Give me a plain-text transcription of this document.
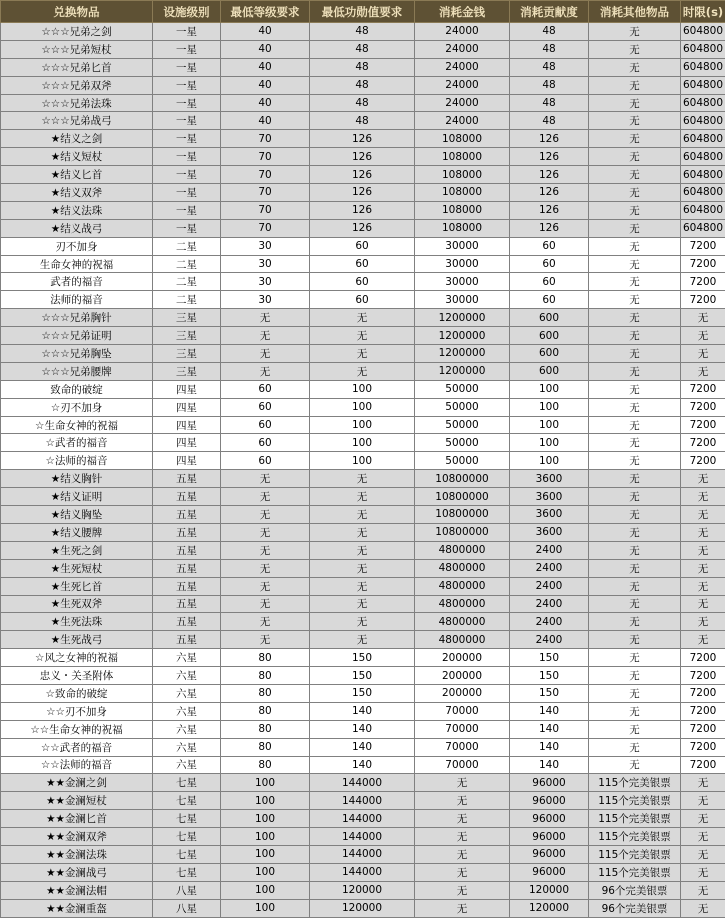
兑换物品	设施级别	最低等级要求	最低功勋值要求	消耗金钱	消耗贡献度	消耗其他物品	时限(s)
☆☆☆兄弟之剑	一星	40	48	24000	48	无	604800
☆☆☆兄弟短杖	一星	40	48	24000	48	无	604800
☆☆☆兄弟匕首	一星	40	48	24000	48	无	604800
☆☆☆兄弟双斧	一星	40	48	24000	48	无	604800
☆☆☆兄弟法珠	一星	40	48	24000	48	无	604800
☆☆☆兄弟战弓	一星	40	48	24000	48	无	604800
★结义之剑	一星	70	126	108000	126	无	604800
★结义短杖	一星	70	126	108000	126	无	604800
★结义匕首	一星	70	126	108000	126	无	604800
★结义双斧	一星	70	126	108000	126	无	604800
★结义法珠	一星	70	126	108000	126	无	604800
★结义战弓	一星	70	126	108000	126	无	604800
刃不加身	二星	30	60	30000	60	无	7200
生命女神的祝福	二星	30	60	30000	60	无	7200
武者的福音	二星	30	60	30000	60	无	7200
法师的福音	二星	30	60	30000	60	无	7200
☆☆☆兄弟胸针	三星	无	无	1200000	600	无	无
☆☆☆兄弟证明	三星	无	无	1200000	600	无	无
☆☆☆兄弟胸坠	三星	无	无	1200000	600	无	无
☆☆☆兄弟腰牌	三星	无	无	1200000	600	无	无
致命的破绽	四星	60	100	50000	100	无	7200
☆刃不加身	四星	60	100	50000	100	无	7200
☆生命女神的祝福	四星	60	100	50000	100	无	7200
☆武者的福音	四星	60	100	50000	100	无	7200
☆法师的福音	四星	60	100	50000	100	无	7200
★结义胸针	五星	无	无	10800000	3600	无	无
★结义证明	五星	无	无	10800000	3600	无	无
★结义胸坠	五星	无	无	10800000	3600	无	无
★结义腰牌	五星	无	无	10800000	3600	无	无
★生死之剑	五星	无	无	4800000	2400	无	无
★生死短杖	五星	无	无	4800000	2400	无	无
★生死匕首	五星	无	无	4800000	2400	无	无
★生死双斧	五星	无	无	4800000	2400	无	无
★生死法珠	五星	无	无	4800000	2400	无	无
★生死战弓	五星	无	无	4800000	2400	无	无
☆风之女神的祝福	六星	80	150	200000	150	无	7200
忠义・关圣附体	六星	80	150	200000	150	无	7200
☆致命的破绽	六星	80	150	200000	150	无	7200
☆☆刃不加身	六星	80	140	70000	140	无	7200
☆☆生命女神的祝福	六星	80	140	70000	140	无	7200
☆☆武者的福音	六星	80	140	70000	140	无	7200
☆☆法师的福音	六星	80	140	70000	140	无	7200
★★金澜之剑	七星	100	144000	无	96000	115个完美银票	无
★★金澜短杖	七星	100	144000	无	96000	115个完美银票	无
★★金澜匕首	七星	100	144000	无	96000	115个完美银票	无
★★金澜双斧	七星	100	144000	无	96000	115个完美银票	无
★★金澜法珠	七星	100	144000	无	96000	115个完美银票	无
★★金澜战弓	七星	100	144000	无	96000	115个完美银票	无
★★金澜法帽	八星	100	120000	无	120000	96个完美银票	无
★★金澜重盔	八星	100	120000	无	120000	96个完美银票	无
